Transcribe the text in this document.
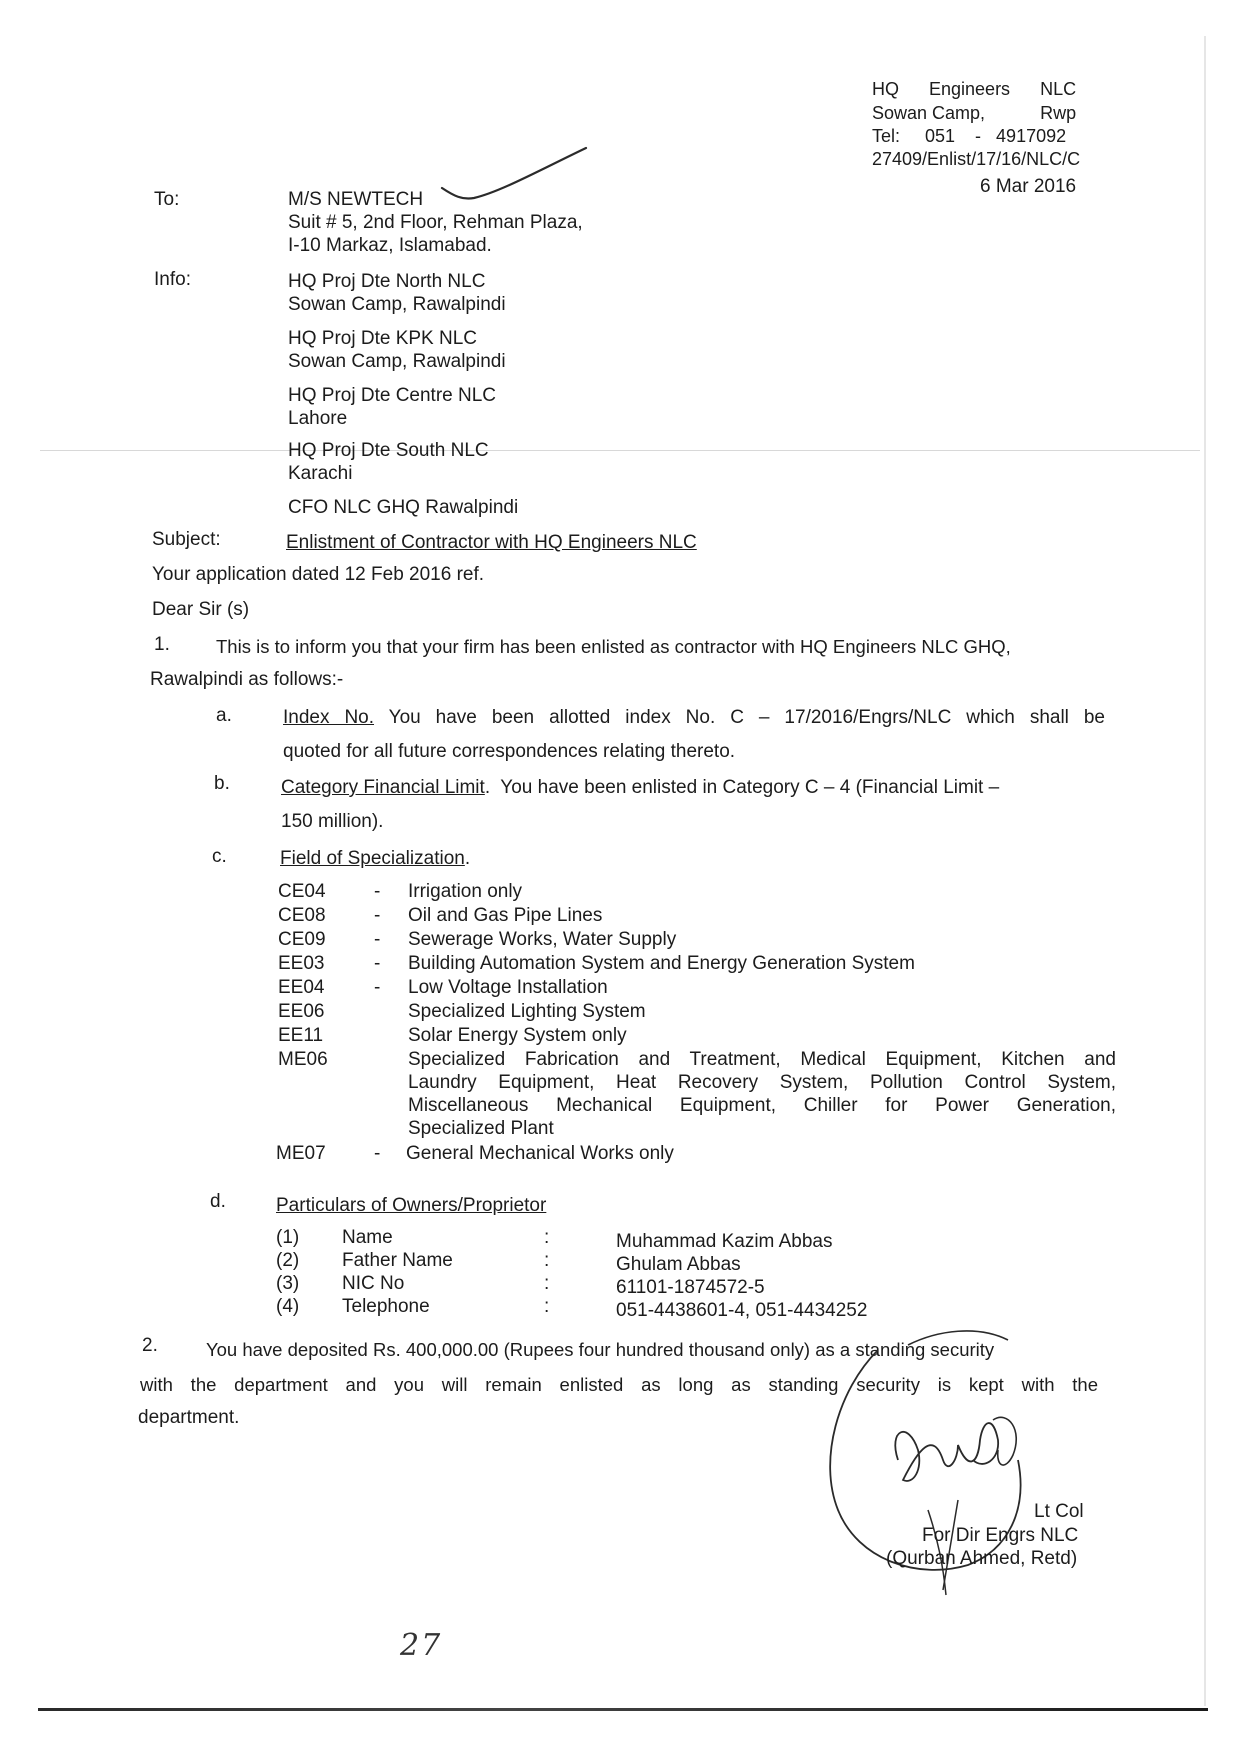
HQ      Engineers      NLC
Sowan Camp,           Rwp
Tel:     051    -   4917092
27409/Enlist/17/16/NLC/C
6 Mar 2016
To:	M/S NEWTECH
Suit # 5, 2nd Floor, Rehman Plaza,
I-10 Markaz, Islamabad.
Info:	HQ Proj Dte North NLC
Sowan Camp, Rawalpindi
HQ Proj Dte KPK NLC
Sowan Camp, Rawalpindi
HQ Proj Dte Centre NLC
Lahore
HQ Proj Dte South NLC
Karachi
CFO NLC GHQ Rawalpindi
Subject:	Enlistment of Contractor with HQ Engineers NLC
Your application dated 12 Feb 2016 ref.
Dear Sir (s)
1. This is to inform you that your firm has been enlisted as contractor with HQ Engineers NLC GHQ,
Rawalpindi as follows:-
a.	Index No. You have been allotted index No. C – 17/2016/Engrs/NLC which shall be
quoted for all future correspondences relating thereto.
b.	Category Financial Limit.  You have been enlisted in Category C – 4 (Financial Limit –
150 million).
c.	Field of Specialization.
CE04	- Irrigation only
CE08	- Oil and Gas Pipe Lines
CE09	- Sewerage Works, Water Supply
EE03	- Building Automation System and Energy Generation System
EE04	- Low Voltage Installation
EE06	Specialized Lighting System
EE11	Solar Energy System only
ME06	Specialized Fabrication and Treatment, Medical Equipment, Kitchen and
Laundry Equipment, Heat Recovery System, Pollution Control System,
Miscellaneous Mechanical Equipment, Chiller for Power Generation,
Specialized Plant
ME07	- General Mechanical Works only
d.	Particulars of Owners/Proprietor
(1) Name	:	Muhammad Kazim Abbas
(2) Father Name	:	Ghulam Abbas
(3) NIC No	:	61101-1874572-5
(4) Telephone	:	051-4438601-4, 051-4434252
2.	You have deposited Rs. 400,000.00 (Rupees four hundred thousand only) as a standing security
with the department and you will remain enlisted as long as standing security is kept with the
department.
Lt Col
For Dir Engrs NLC
(Qurban Ahmed, Retd)
27
